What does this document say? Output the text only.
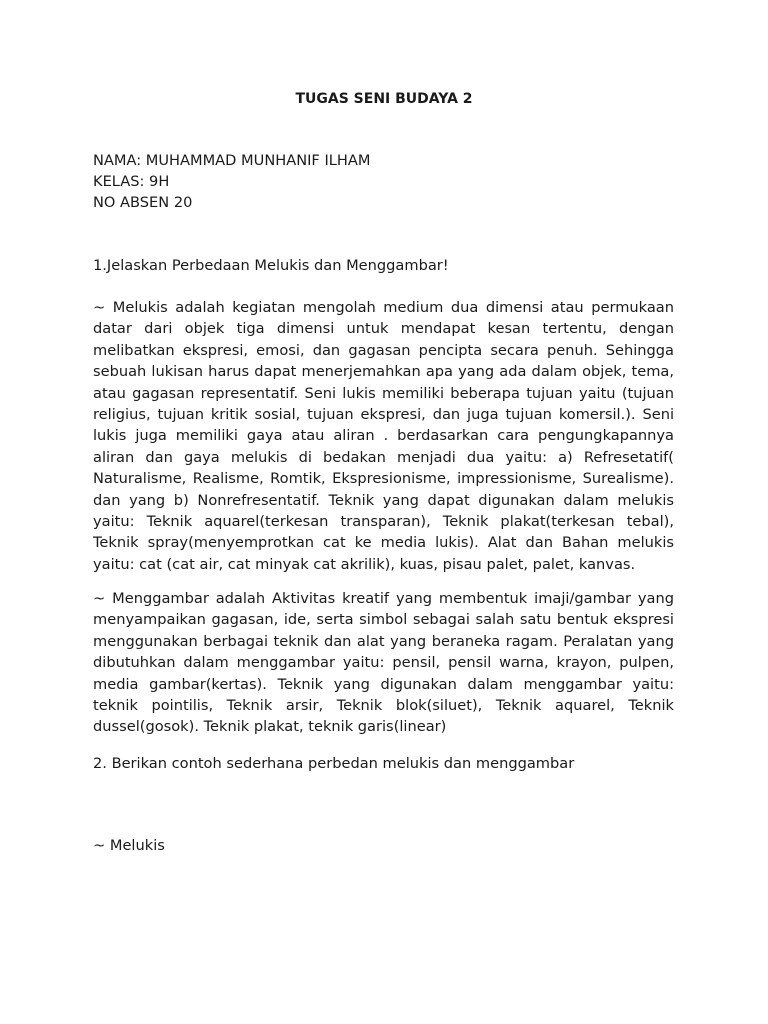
TUGAS SENI BUDAYA 2
NAMA: MUHAMMAD MUNHANIF ILHAM
KELAS: 9H
NO ABSEN 20
1.Jelaskan Perbedaan Melukis dan Menggambar!
~ Melukis adalah kegiatan mengolah medium dua dimensi atau permukaan datar dari objek tiga dimensi untuk mendapat kesan tertentu, dengan melibatkan ekspresi, emosi, dan gagasan pencipta secara penuh. Sehingga sebuah lukisan harus dapat menerjemahkan apa yang ada dalam objek, tema, atau gagasan representatif. Seni lukis memiliki beberapa tujuan yaitu (tujuan religius, tujuan kritik sosial, tujuan ekspresi, dan juga tujuan komersil.). Seni lukis juga memiliki gaya atau aliran . berdasarkan cara pengungkapannya aliran dan gaya melukis di bedakan menjadi dua yaitu: a) Refresetatif( Naturalisme, Realisme, Romtik, Ekspresionisme, impressionisme, Surealisme). dan yang b) Nonrefresentatif. Teknik yang dapat digunakan dalam melukis yaitu: Teknik aquarel(terkesan transparan), Teknik plakat(terkesan tebal), Teknik spray(menyemprotkan cat ke media lukis). Alat dan Bahan melukis yaitu: cat (cat air, cat minyak cat akrilik), kuas, pisau palet, palet, kanvas.
~ Menggambar adalah Aktivitas kreatif yang membentuk imaji/gambar yang menyampaikan gagasan, ide, serta simbol sebagai salah satu bentuk ekspresi menggunakan berbagai teknik dan alat yang beraneka ragam. Peralatan yang dibutuhkan dalam menggambar yaitu: pensil, pensil warna, krayon, pulpen, media gambar(kertas). Teknik yang digunakan dalam menggambar yaitu: teknik pointilis, Teknik arsir, Teknik blok(siluet), Teknik aquarel, Teknik dussel(gosok). Teknik plakat, teknik garis(linear)
2. Berikan contoh sederhana perbedan melukis dan menggambar
~ Melukis
